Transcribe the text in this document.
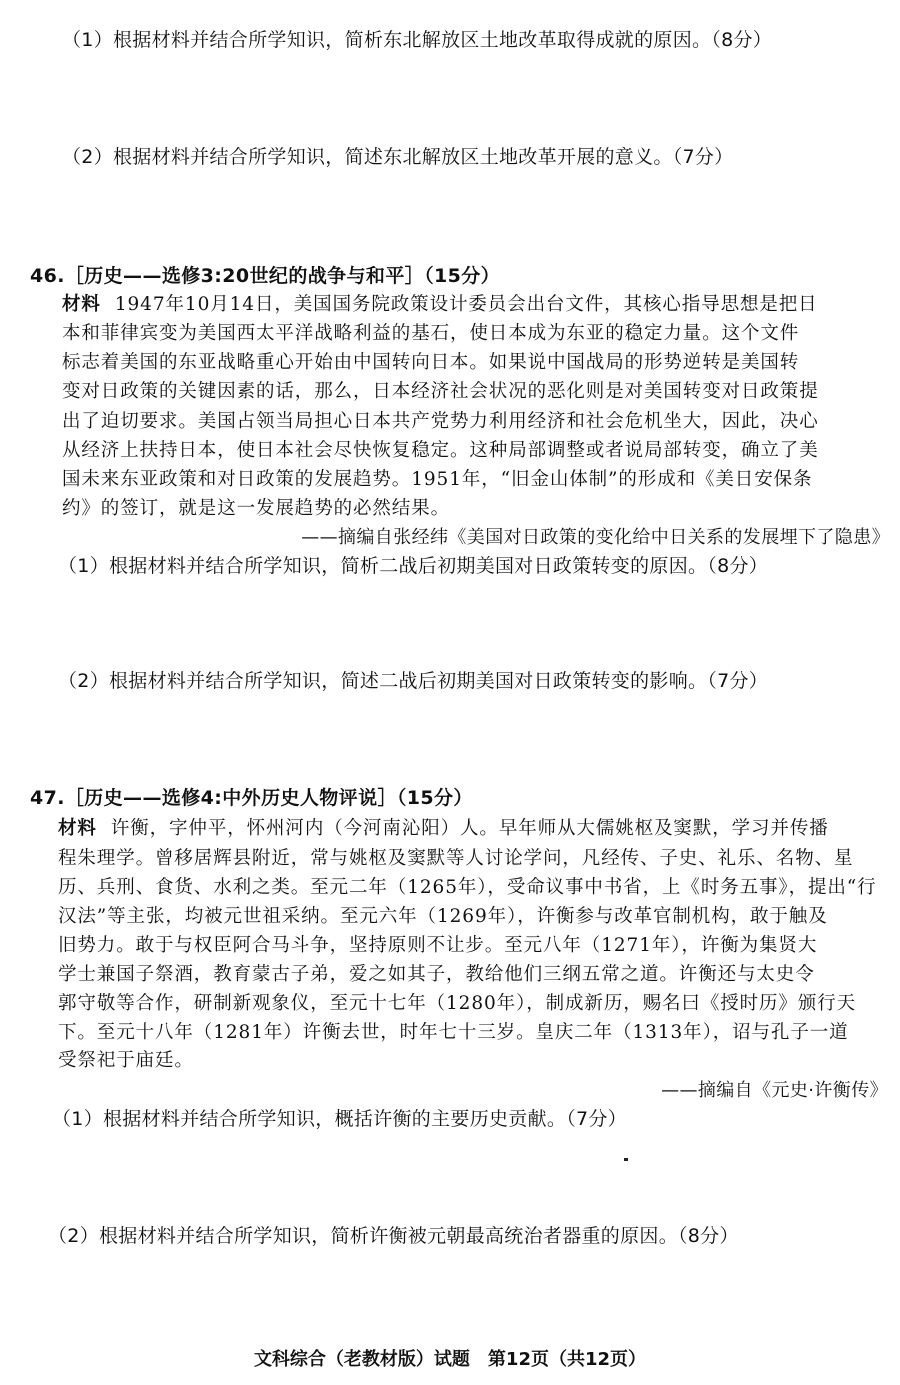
（1）根据材料并结合所学知识，简析东北解放区土地改革取得成就的原因。（8分）
（2）根据材料并结合所学知识，简述东北解放区土地改革开展的意义。（7分）
46.［历史——选修3:20世纪的战争与和平］（15分）
材料 1947年10月14日，美国国务院政策设计委员会出台文件，其核心指导思想是把日
本和菲律宾变为美国西太平洋战略利益的基石，使日本成为东亚的稳定力量。这个文件
标志着美国的东亚战略重心开始由中国转向日本。如果说中国战局的形势逆转是美国转
变对日政策的关键因素的话，那么，日本经济社会状况的恶化则是对美国转变对日政策提
出了迫切要求。美国占领当局担心日本共产党势力利用经济和社会危机坐大，因此，决心
从经济上扶持日本，使日本社会尽快恢复稳定。这种局部调整或者说局部转变，确立了美
国未来东亚政策和对日政策的发展趋势。1951年，“旧金山体制”的形成和《美日安保条
约》的签订，就是这一发展趋势的必然结果。
——摘编自张经纬《美国对日政策的变化给中日关系的发展埋下了隐患》
（1）根据材料并结合所学知识，简析二战后初期美国对日政策转变的原因。（8分）
（2）根据材料并结合所学知识，简述二战后初期美国对日政策转变的影响。（7分）
47.［历史——选修4:中外历史人物评说］（15分）
材料 许衡，字仲平，怀州河内（今河南沁阳）人。早年师从大儒姚枢及窦默，学习并传播
程朱理学。曾移居辉县附近，常与姚枢及窦默等人讨论学问，凡经传、子史、礼乐、名物、星
历、兵刑、食货、水利之类。至元二年（1265年），受命议事中书省，上《时务五事》，提出“行
汉法”等主张，均被元世祖采纳。至元六年（1269年），许衡参与改革官制机构，敢于触及
旧势力。敢于与权臣阿合马斗争，坚持原则不让步。至元八年（1271年），许衡为集贤大
学士兼国子祭酒，教育蒙古子弟，爱之如其子，教给他们三纲五常之道。许衡还与太史令
郭守敬等合作，研制新观象仪，至元十七年（1280年），制成新历，赐名曰《授时历》颁行天
下。至元十八年（1281年）许衡去世，时年七十三岁。皇庆二年（1313年），诏与孔子一道
受祭祀于庙廷。
——摘编自《元史·许衡传》
（1）根据材料并结合所学知识，概括许衡的主要历史贡献。（7分）
（2）根据材料并结合所学知识，简析许衡被元朝最高统治者器重的原因。（8分）
文科综合（老教材版）试题　第12页（共12页）
